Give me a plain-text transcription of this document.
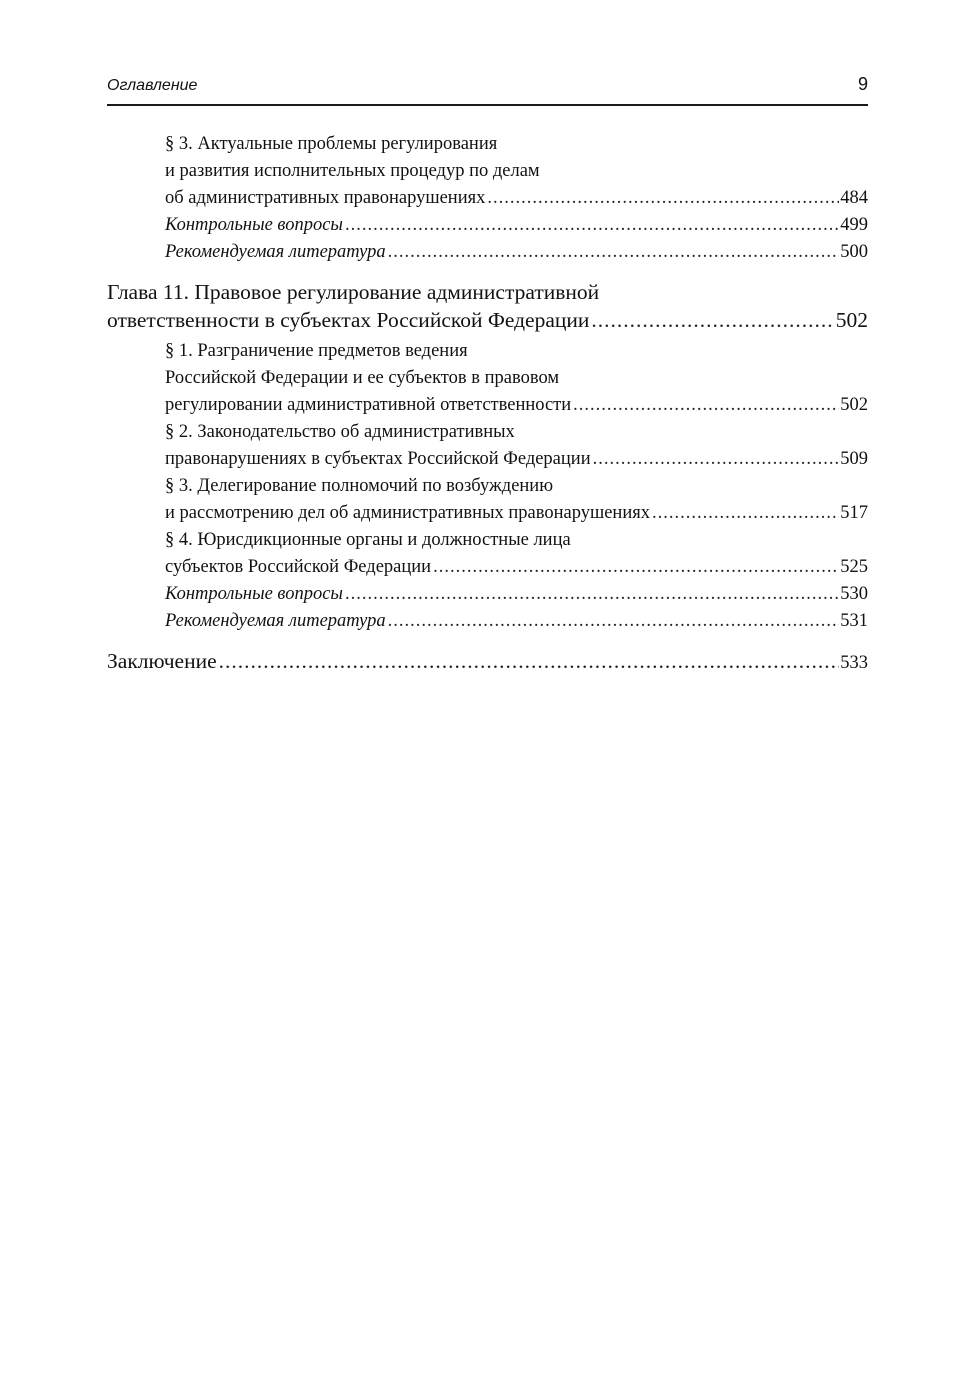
Оглавление	9
§ 3. Актуальные проблемы регулирования
и развития исполнительных процедур по делам
об административных правонарушениях .....	484
Контрольные вопросы .....	499
Рекомендуемая литература .....	500
Глава 11. Правовое регулирование административной
ответственности в субъектах Российской Федерации .....	502
§ 1. Разграничение предметов ведения
Российской Федерации и ее субъектов в правовом
регулировании административной ответственности .....	502
§ 2. Законодательство об административных
правонарушениях в субъектах Российской Федерации .....	509
§ 3. Делегирование полномочий по возбуждению
и рассмотрению дел об административных правонарушениях .....	517
§ 4. Юрисдикционные органы и должностные лица
субъектов Российской Федерации .....	525
Контрольные вопросы .....	530
Рекомендуемая литература .....	531
Заключение .....	533
